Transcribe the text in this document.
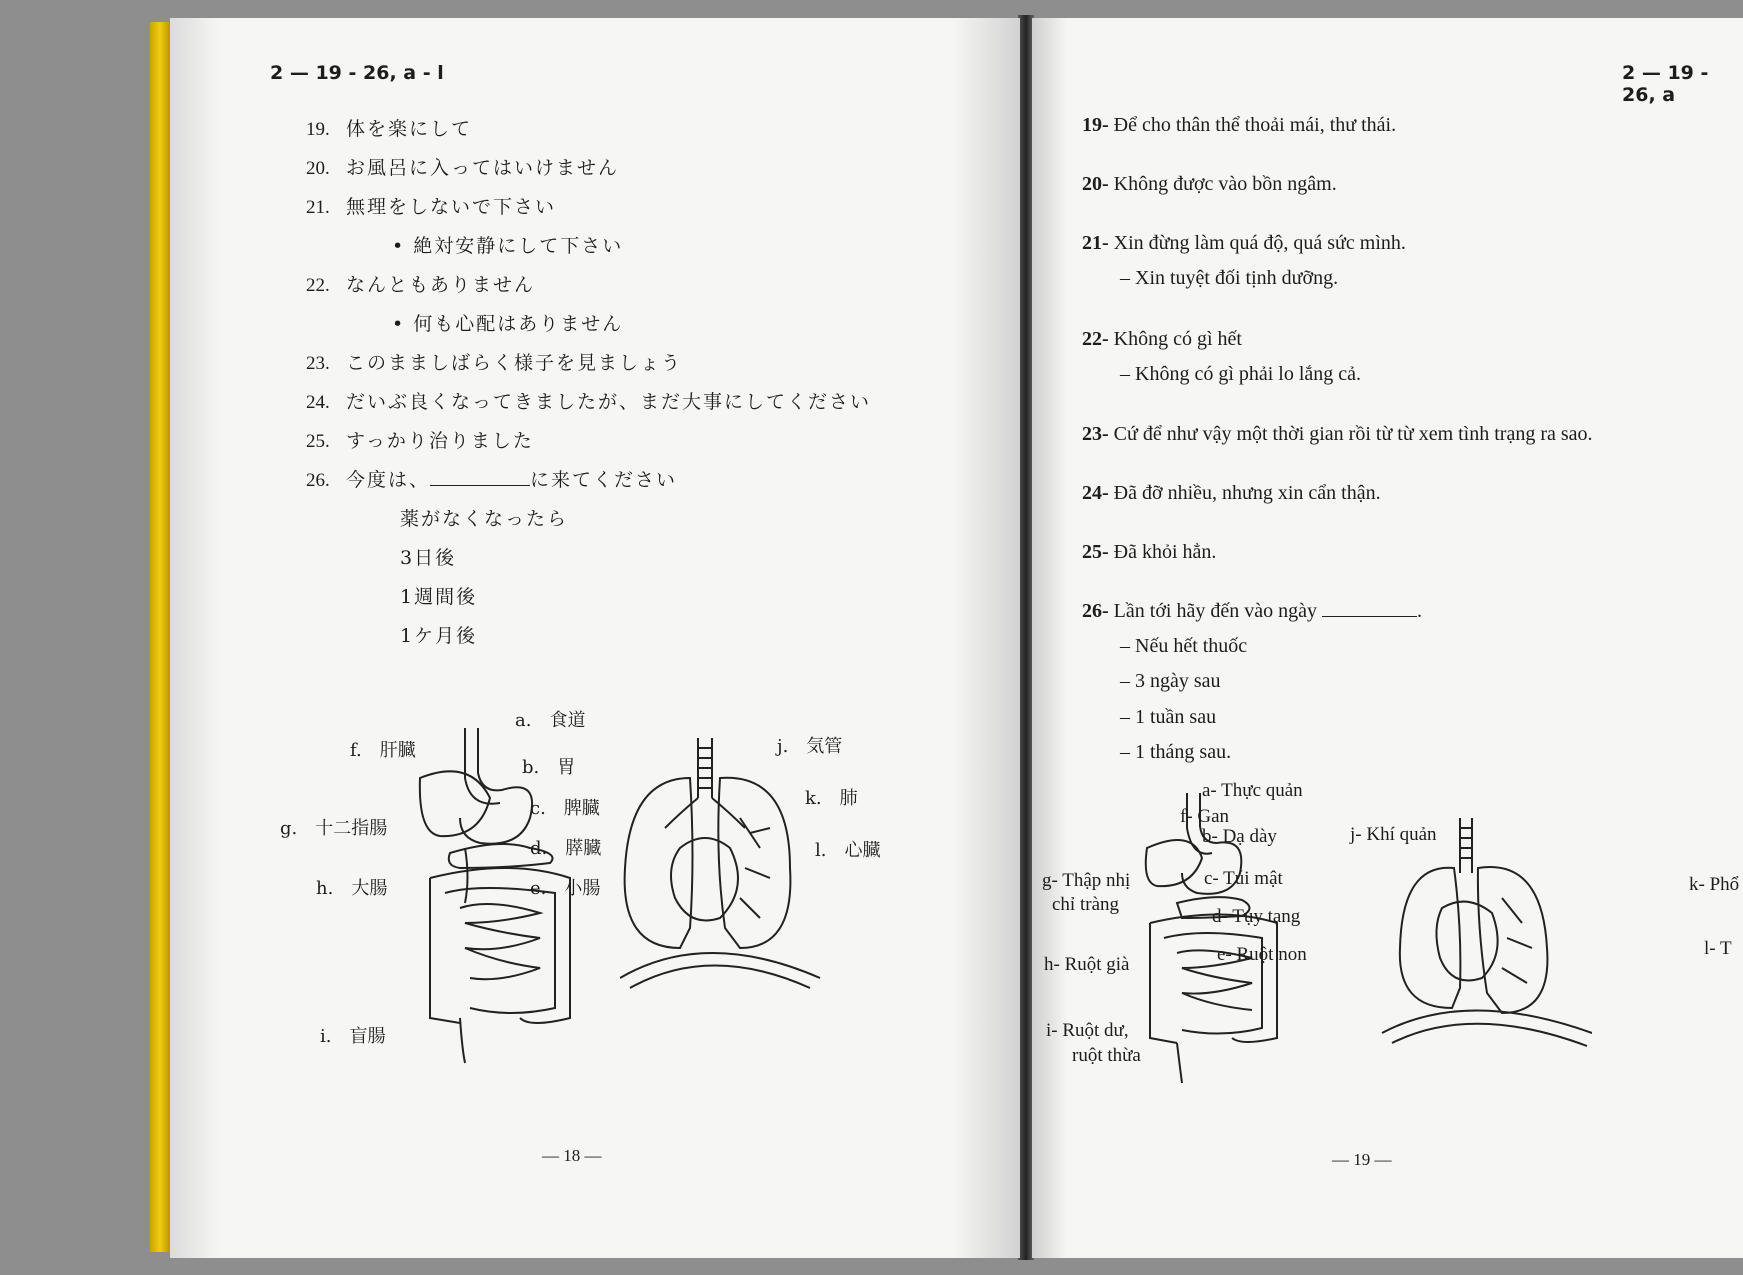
2 — 19 - 26, a - l
19. 体を楽にして
20. お風呂に入ってはいけません
21. 無理をしないで下さい
• 絶対安静にして下さい
22. なんともありません
• 何も心配はありません
23. このまましばらく様子を見ましょう
24. だいぶ良くなってきましたが、まだ大事にしてください
25. すっかり治りました
26. 今度は、	に来てください
薬がなくなったら
3日後
1週間後
1ケ月後
a.　食道
b.　胃
c.　脾臓
d.　膵臓
e.　小腸
f.　肝臓
g.　十二指腸
h.　大腸
i.　盲腸
j.　気管
k.　肺
l.　心臓
— 18 —
2 — 19 - 26, a
19- Để cho thân thể thoải mái, thư thái.
20- Không được vào bồn ngâm.
21- Xin đừng làm quá độ, quá sức mình.
– Xin tuyệt đối tịnh dưỡng.
22- Không có gì hết
– Không có gì phải lo lắng cả.
23- Cứ để như vậy một thời gian rồi từ từ xem tình trạng ra sao.
24- Đã đỡ nhiều, nhưng xin cẩn thận.
25- Đã khỏi hẳn.
26- Lần tới hãy đến vào ngày	.
– Nếu hết thuốc
– 3 ngày sau
– 1 tuần sau
– 1 tháng sau.
a- Thực quản
b- Dạ dày
c- Túi mật
d- Tụy tạng
e- Ruột non
f- Gan
g- Thập nhị
chỉ tràng
h- Ruột già
i- Ruột dư,
ruột thừa
j- Khí quản
k- Phổ
l- T
— 19 —
